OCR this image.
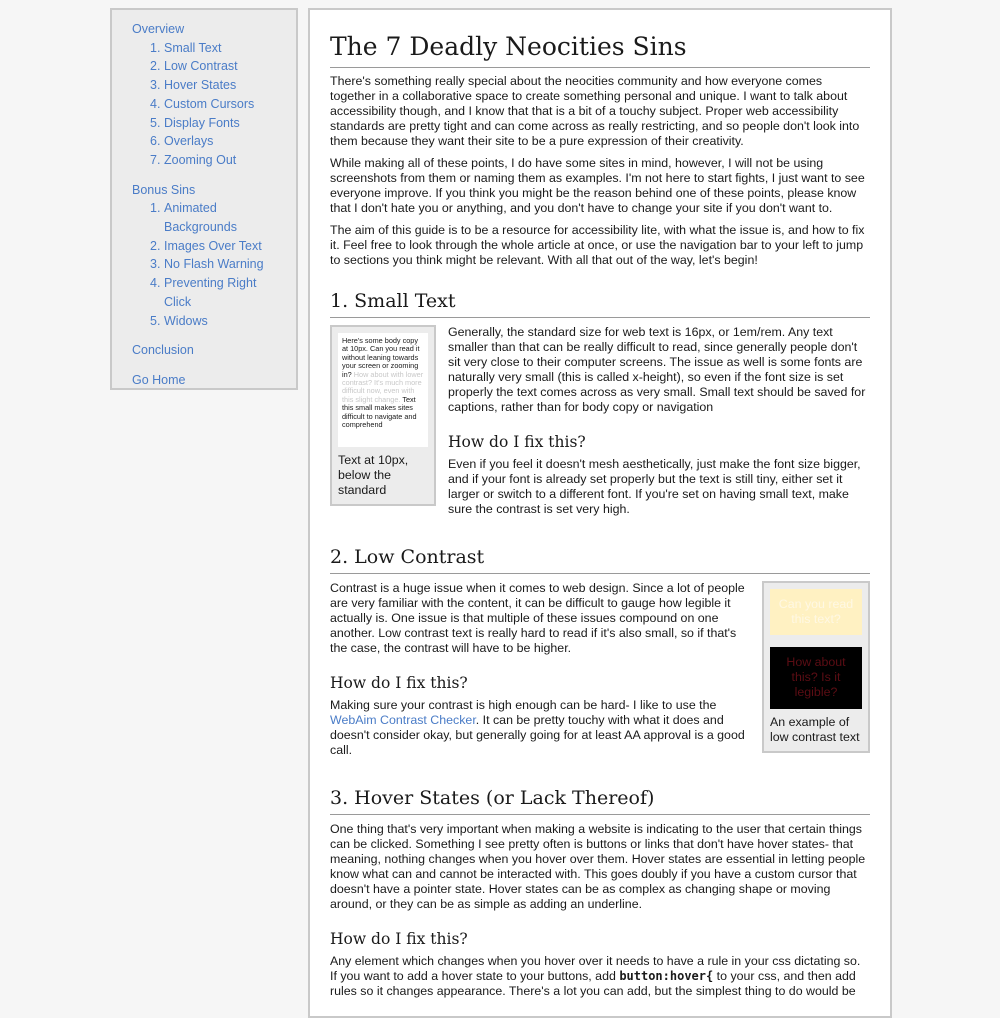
Overview
1. Small Text
2. Low Contrast
3. Hover States
4. Custom Cursors
5. Display Fonts
6. Overlays
7. Zooming Out
Bonus Sins
1. Animated Backgrounds
2. Images Over Text
3. No Flash Warning
4. Preventing Right Click
5. Widows
Conclusion
Go Home
The 7 Deadly Neocities Sins

There's something really special about the neocities community and how everyone comes together in a collaborative space to create something personal and unique. I want to talk about accessibility though, and I know that that is a bit of a touchy subject. Proper web accessibility standards are pretty tight and can come across as really restricting, and so people don't look into them because they want their site to be a pure expression of their creativity.

While making all of these points, I do have some sites in mind, however, I will not be using screenshots from them or naming them as examples. I'm not here to start fights, I just want to see everyone improve. If you think you might be the reason behind one of these points, please know that I don't hate you or anything, and you don't have to change your site if you don't want to.

The aim of this guide is to be a resource for accessibility lite, with what the issue is, and how to fix it. Feel free to look through the whole article at once, or use the navigation bar to your left to jump to sections you think might be relevant. With all that out of the way, let's begin!

1. Small Text
Here's some body copy at 10px. Can you read it without leaning towards your screen or zooming in? How about with lower contrast? It's much more difficult now, even with this slight change. Text this small makes sites difficult to navigate and comprehend
Text at 10px, below the standard

Generally, the standard size for web text is 16px, or 1em/rem. Any text smaller than that can be really difficult to read, since generally people don't sit very close to their computer screens. The issue as well is some fonts are naturally very small (this is called x-height), so even if the font size is set properly the text comes across as very small. Small text should be saved for captions, rather than for body copy or navigation

How do I fix this?

Even if you feel it doesn't mesh aesthetically, just make the font size bigger, and if your font is already set properly but the text is still tiny, either set it larger or switch to a different font. If you're set on having small text, make sure the contrast is set very high.

2. Low Contrast
Can you read this text?
How about this? Is it legible?
An example of low contrast text

Contrast is a huge issue when it comes to web design. Since a lot of people are very familiar with the content, it can be difficult to gauge how legible it actually is. One issue is that multiple of these issues compound on one another. Low contrast text is really hard to read if it's also small, so if that's the case, the contrast will have to be higher.

How do I fix this?

Making sure your contrast is high enough can be hard- I like to use the WebAim Contrast Checker. It can be pretty touchy with what it does and doesn't consider okay, but generally going for at least AA approval is a good call.

3. Hover States (or Lack Thereof)

One thing that's very important when making a website is indicating to the user that certain things can be clicked. Something I see pretty often is buttons or links that don't have hover states- that meaning, nothing changes when you hover over them. Hover states are essential in letting people know what can and cannot be interacted with. This goes doubly if you have a custom cursor that doesn't have a pointer state. Hover states can be as complex as changing shape or moving around, or they can be as simple as adding an underline.

How do I fix this?

Any element which changes when you hover over it needs to have a rule in your css dictating so. If you want to add a hover state to your buttons, add button:hover{ to your css, and then add rules so it changes appearance. There's a lot you can add, but the simplest thing to do would be
